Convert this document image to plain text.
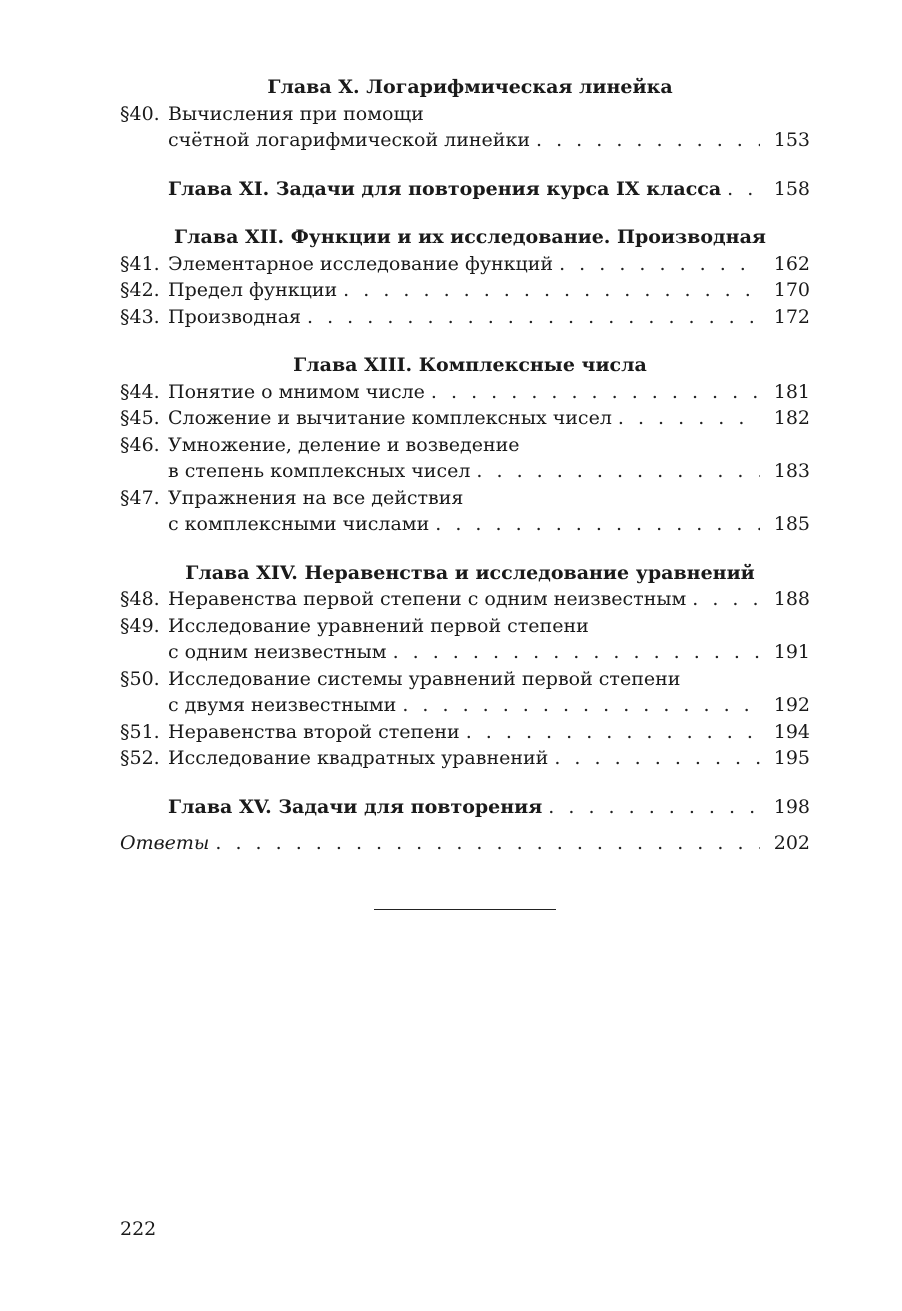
Глава X. Логарифмическая линейка

§40. Вычисления при помощи
счётной логарифмической линейки . . .	153
Глава XI. Задачи для повторения курса IX класса . . .	158

Глава XII. Функции и их исследование. Производная

§41. Элементарное исследование функций . . .	162
§42. Предел функции . . .	170
§43. Производная . . .	172

Глава XIII. Комплексные числа

§44. Понятие о мнимом числе . . .	181
§45. Сложение и вычитание комплексных чисел . . .	182
§46. Умножение, деление и возведение
в степень комплексных чисел . . .	183
§47. Упражнения на все действия
с комплексными числами . . .	185

Глава XIV. Неравенства и исследование уравнений

§48. Неравенства первой степени с одним неизвестным . . .	188
§49. Исследование уравнений первой степени
с одним неизвестным . . .	191
§50. Исследование системы уравнений первой степени
с двумя неизвестными . . .	192
§51. Неравенства второй степени . . .	194
§52. Исследование квадратных уравнений . . .	195
Глава XV. Задачи для повторения . . .	198
Ответы . . .	202
222
